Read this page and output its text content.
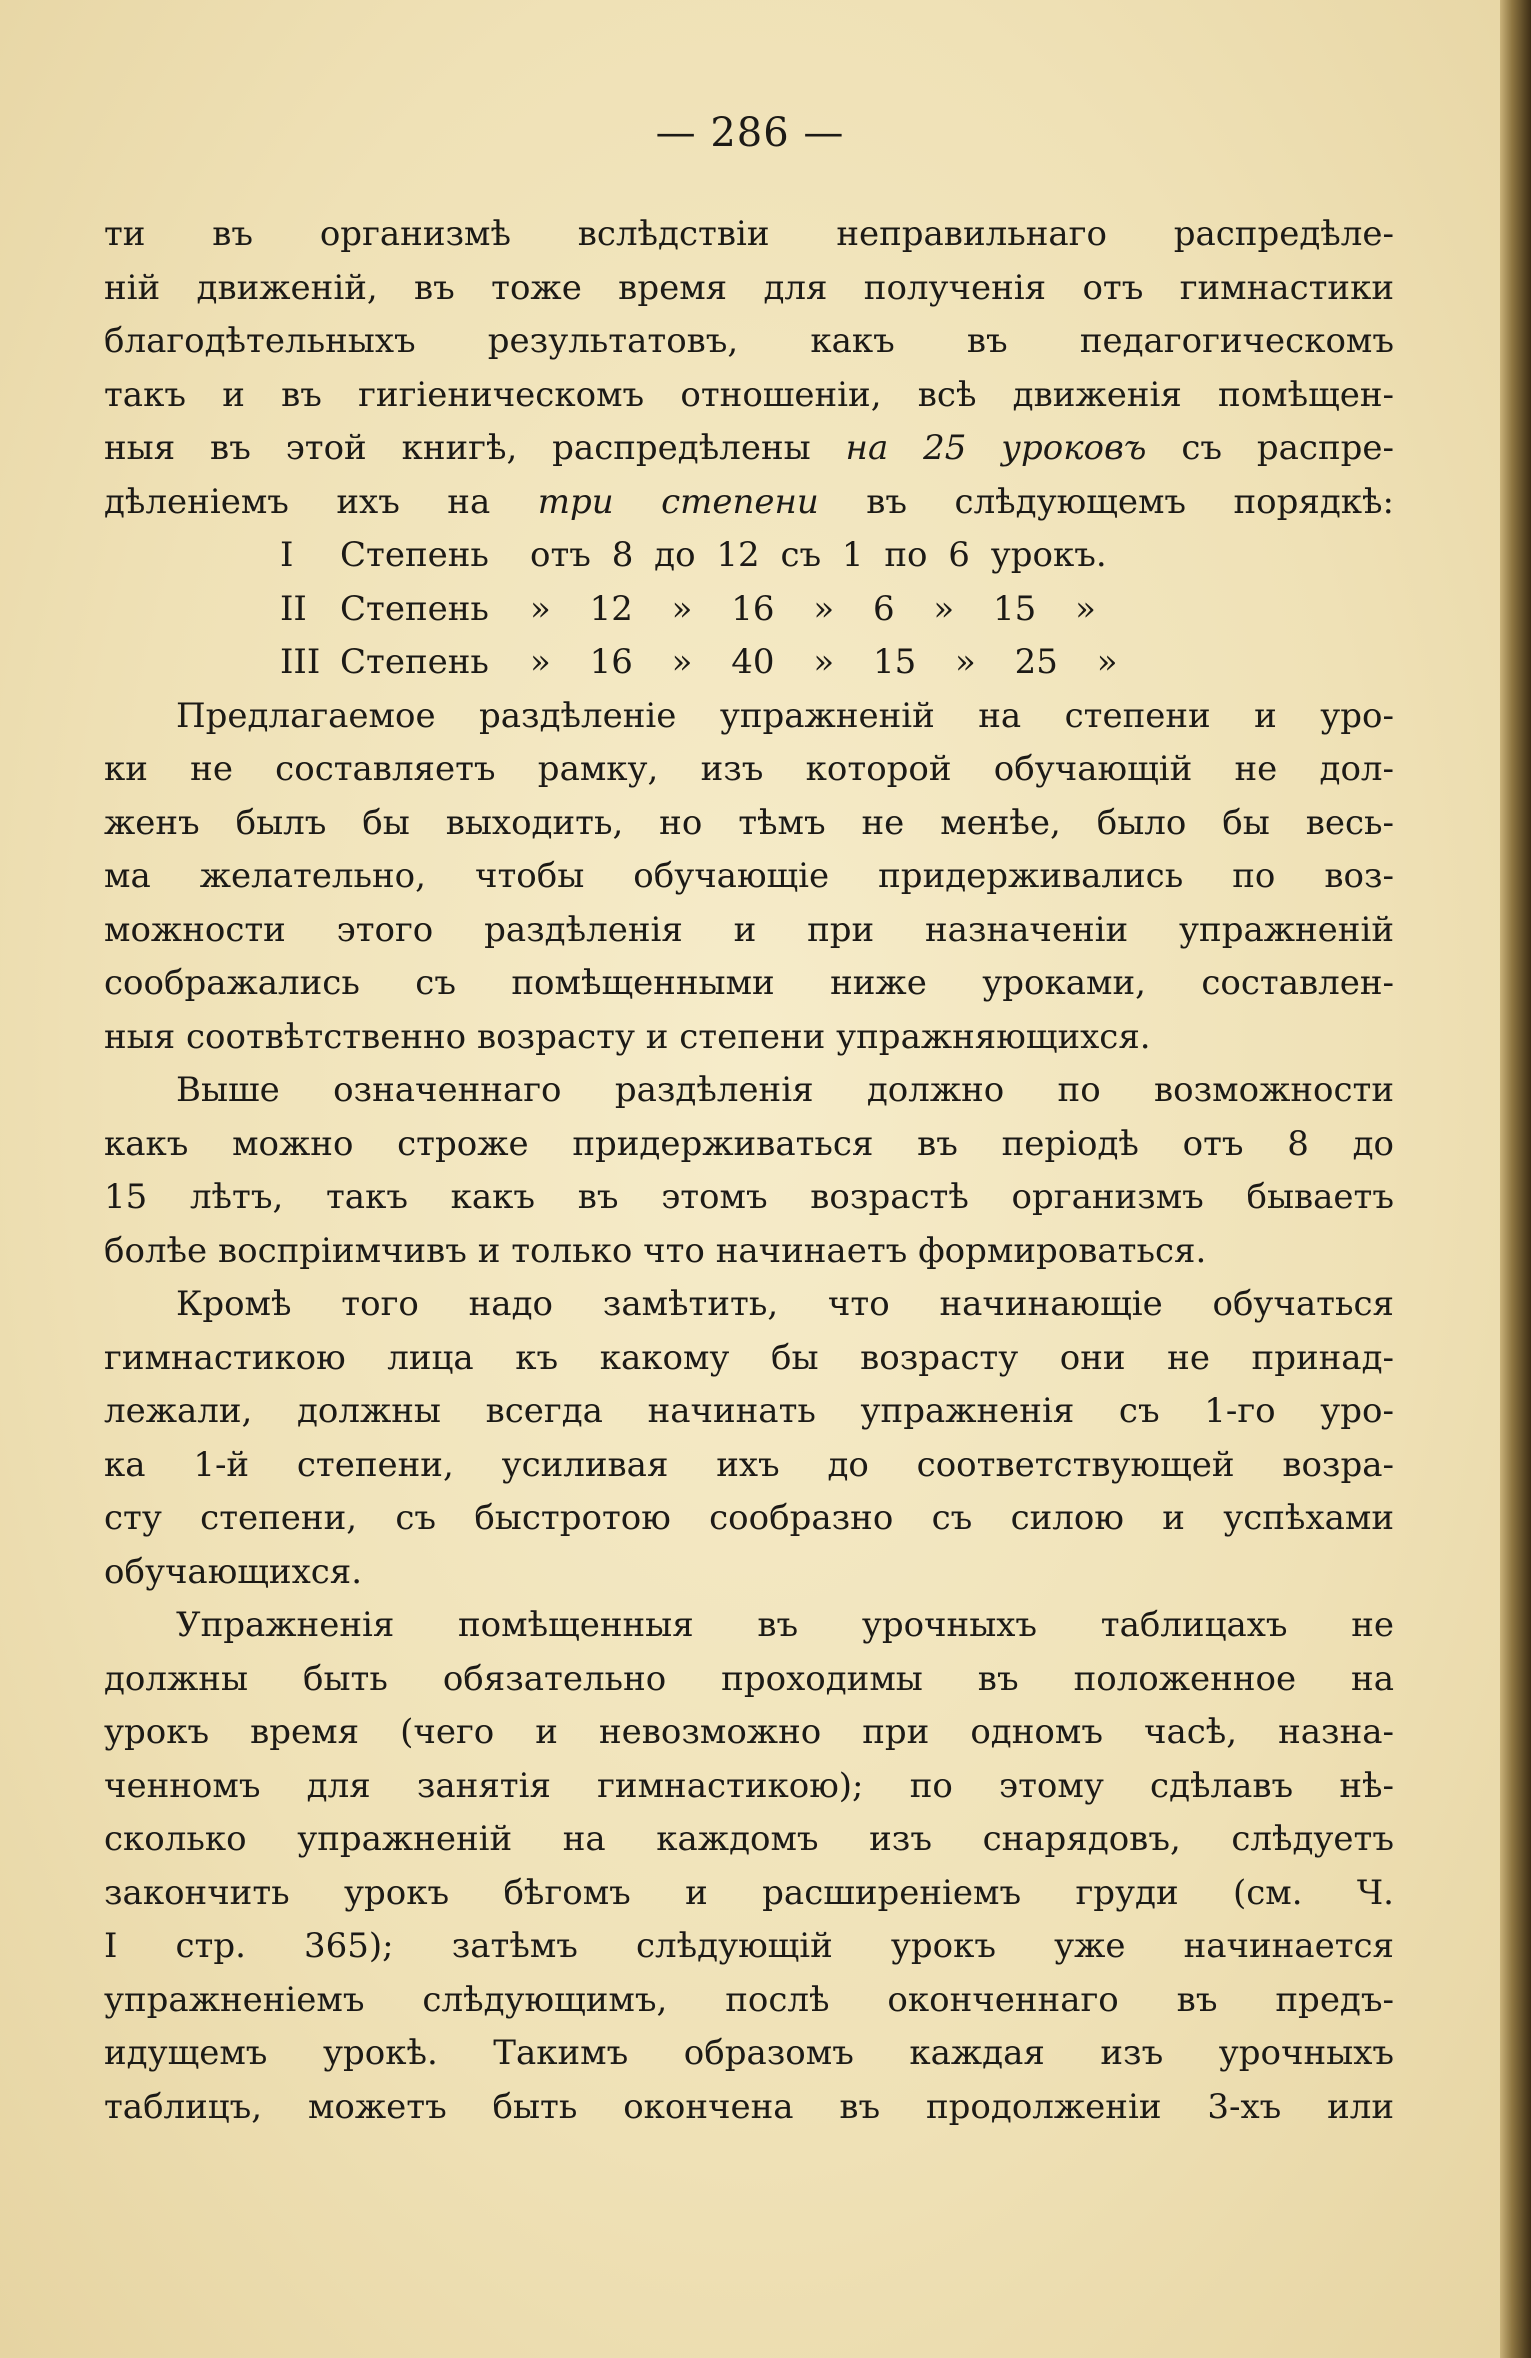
— 286 —
ти въ организмѣ вслѣдствіи неправильнаго распредѣле-
ній движеній, въ тоже время для полученія отъ гимнастики
благодѣтельныхъ результатовъ, какъ въ педагогическомъ
такъ и въ гигіеническомъ отношеніи, всѣ движенія помѣщен-
ныя въ этой книгѣ, распредѣлены на 25 уроковъ съ распре-
дѣленіемъ ихъ на три степени въ слѣдующемъ порядкѣ:
I Степень отъ 8 до 12 съ 1 по 6 урокъ.
II Степень » 12 » 16 » 6 » 15 »
III Степень » 16 » 40 » 15 » 25 »
Предлагаемое раздѣленіе упражненій на степени и уро-
ки не составляетъ рамку, изъ которой обучающій не дол-
женъ былъ бы выходить, но тѣмъ не менѣе, было бы весь-
ма желательно, чтобы обучающіе придерживались по воз-
можности этого раздѣленія и при назначеніи упражненій
соображались съ помѣщенными ниже уроками, составлен-
ныя соотвѣтственно возрасту и степени упражняющихся.
Выше означеннаго раздѣленія должно по возможности
какъ можно строже придерживаться въ періодѣ отъ 8 до
15 лѣтъ, такъ какъ въ этомъ возрастѣ организмъ бываетъ
болѣе воспріимчивъ и только что начинаетъ формироваться.
Кромѣ того надо замѣтить, что начинающіе обучаться
гимнастикою лица къ какому бы возрасту они не принад-
лежали, должны всегда начинать упражненія съ 1-го уро-
ка 1-й степени, усиливая ихъ до соответствующей возра-
сту степени, съ быстротою сообразно съ силою и успѣхами
обучающихся.
Упражненія помѣщенныя въ урочныхъ таблицахъ не
должны быть обязательно проходимы въ положенное на
урокъ время (чего и невозможно при одномъ часѣ, назна-
ченномъ для занятія гимнастикою); по этому сдѣлавъ нѣ-
сколько упражненій на каждомъ изъ снарядовъ, слѣдуетъ
закончить урокъ бѣгомъ и расширеніемъ груди (см. Ч.
I стр. 365); затѣмъ слѣдующій урокъ уже начинается
упражненіемъ слѣдующимъ, послѣ оконченнаго въ предъ-
идущемъ урокѣ. Такимъ образомъ каждая изъ урочныхъ
таблицъ, можетъ быть окончена въ продолженіи 3-хъ или
